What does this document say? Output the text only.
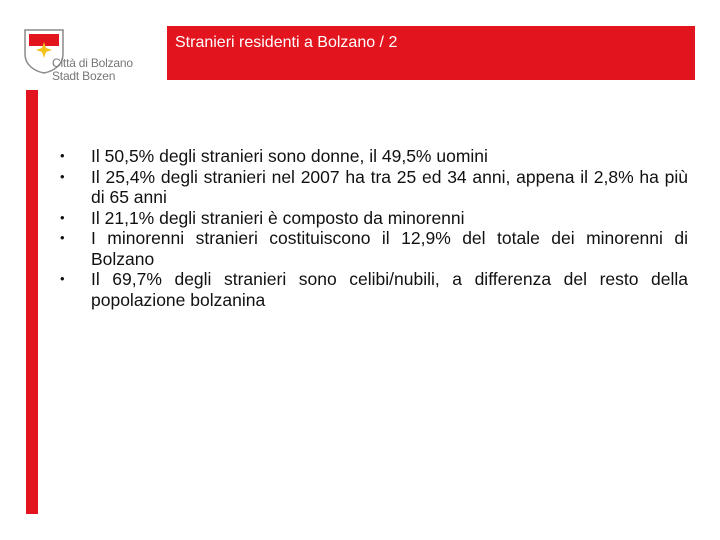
Stranieri residenti a Bolzano / 2
Città di Bolzano
Stadt Bozen
• Il 50,5% degli stranieri sono donne, il 49,5% uomini
• Il 25,4% degli stranieri nel 2007 ha tra 25 ed 34 anni, appena il 2,8% ha più di 65 anni
• Il 21,1% degli stranieri è composto da minorenni
• I minorenni stranieri costituiscono il 12,9% del totale dei minorenni di Bolzano
• Il 69,7% degli stranieri sono celibi/nubili, a differenza del resto della popolazione bolzanina
